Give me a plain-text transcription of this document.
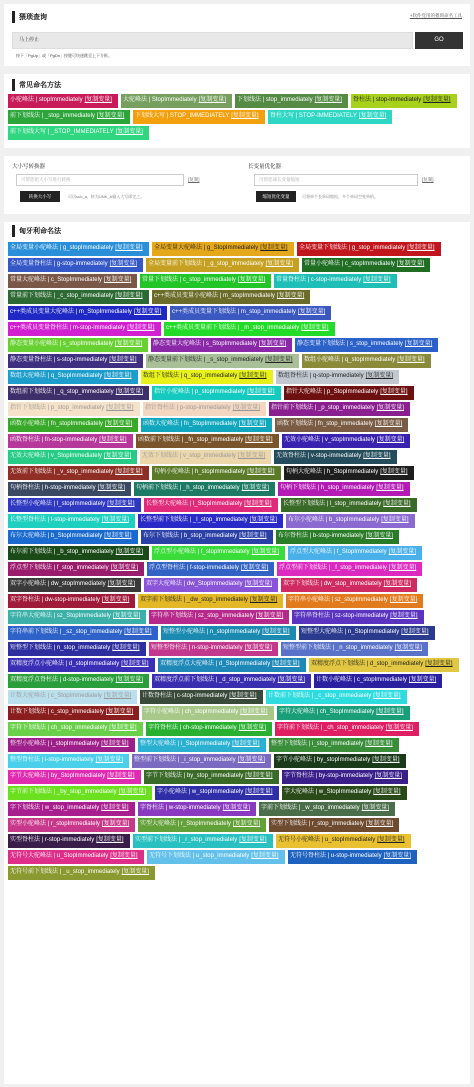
猥琐查询	+软件党用的猥琐命名工具
马上停止	GO
按下「PgUp」或「PgDn」按键可快速跳至上下方框。
常见命名方法
小驼峰法 | stopImmediately [复制变量]	大驼峰法 | StopImmediately [复制变量]	下划线法 | stop_immediately [复制变量]	脊柱法 | stop-immediately [复制变量]
前下划线法 | _stop_immediately [复制变量]	下划线大写 | STOP_IMMEDIATELY [复制变量]	脊柱大写 | STOP-IMMEDIATELY [复制变量]
前下划线大写 | _STOP_IMMEDIATELY [复制变量]
大小写转换器
可帮您把大小写进行转换	[复制]
转换大小写	可切sub_a，转为UNK_A输入大写即定之。
长变量优化器
可帮您减长变量缩短	[复制]
缩短优化变量	可将单个长单词缩短，多个单词空变单机。
匈牙利命名法
全局变量小驼峰法 | g_stopImmediately [复制变量]	全局变量大驼峰法 | g_StopImmediately [复制变量]	全局变量下划线法 | g_stop_immediately [复制变量]
全局变量脊柱法 | g-stop-immediately [复制变量]	全局变量前下划线法 | _g_stop_immediately [复制变量]	常量小驼峰法 | c_stopImmediately [复制变量]
常量大驼峰法 | c_StopImmediately [复制变量]	常量下划线法 | c_stop_immediately [复制变量]	常量脊柱法 | c-stop-immediately [复制变量]
常量前下划线法 | _c_stop_immediately [复制变量]	c++类成员变量小驼峰法 | m_stopImmediately [复制变量]
c++类成员变量大驼峰法 | m_StopImmediately [复制变量]	c++类成员变量下划线法 | m_stop_immediately [复制变量]
c++类成员变量脊柱法 | m-stop-immediately [复制变量]	c++类成员变量前下划线法 | _m_stop_immediately [复制变量]
静态变量小驼峰法 | s_stopImmediately [复制变量]	静态变量大驼峰法 | s_StopImmediately [复制变量]	静态变量下划线法 | s_stop_immediately [复制变量]
静态变量脊柱法 | s-stop-immediately [复制变量]	静态变量前下划线法 | _s_stop_immediately [复制变量]	数组小驼峰法 | q_stopImmediately [复制变量]
数组大驼峰法 | q_StopImmediately [复制变量]	数组下划线法 | q_stop_immediately [复制变量]	数组脊柱法 | q-stop-immediately [复制变量]
数组前下划线法 | _q_stop_immediately [复制变量]	指针小驼峰法 | p_stopImmediately [复制变量]	指针大驼峰法 | p_StopImmediately [复制变量]
指针下划线法 | p_stop_immediately [复制变量]	指针脊柱法 | p-stop-immediately [复制变量]	指针前下划线法 | _p_stop_immediately [复制变量]
函数小驼峰法 | fn_stopImmediately [复制变量]	函数大驼峰法 | fn_StopImmediately [复制变量]	函数下划线法 | fn_stop_immediately [复制变量]
函数脊柱法 | fn-stop-immediately [复制变量]	函数前下划线法 | _fn_stop_immediately [复制变量]	无效小驼峰法 | v_stopImmediately [复制变量]
无效大驼峰法 | v_StopImmediately [复制变量]	无效下划线法 | v_stop_immediately [复制变量]	无效脊柱法 | v-stop-immediately [复制变量]
无效前下划线法 | _v_stop_immediately [复制变量]	句柄小驼峰法 | h_stopImmediately [复制变量]	句柄大驼峰法 | h_StopImmediately [复制变量]
句柄脊柱法 | h-stop-immediately [复制变量]	句柄前下划线法 | _h_stop_immediately [复制变量]	句柄下划线法 | h_stop_immediately [复制变量]
长整型小驼峰法 | l_stopImmediately [复制变量]	长整型大驼峰法 | l_StopImmediately [复制变量]	长整型下划线法 | l_stop_immediately [复制变量]
长整型脊柱法 | l-stop-immediately [复制变量]	长整型前下划线法 | _l_stop_immediately [复制变量]	布尔小驼峰法 | b_stopImmediately [复制变量]
布尔大驼峰法 | b_StopImmediately [复制变量]	布尔下划线法 | b_stop_immediately [复制变量]	布尔脊柱法 | b-stop-immediately [复制变量]
布尔前下划线法 | _b_stop_immediately [复制变量]	浮点型小驼峰法 | f_stopImmediately [复制变量]	浮点型大驼峰法 | f_StopImmediately [复制变量]
浮点型下划线法 | f_stop_immediately [复制变量]	浮点型脊柱法 | f-stop-immediately [复制变量]	浮点型前下划线法 | _f_stop_immediately [复制变量]
双字小驼峰法 | dw_stopImmediately [复制变量]	双字大驼峰法 | dw_StopImmediately [复制变量]	双字下划线法 | dw_stop_immediately [复制变量]
双字脊柱法 | dw-stop-immediately [复制变量]	双字前下划线法 | _dw_stop_immediately [复制变量]	字符串小驼峰法 | sz_stopImmediately [复制变量]
字符串大驼峰法 | sz_StopImmediately [复制变量]	字符串下划线法 | sz_stop_immediately [复制变量]	字符串脊柱法 | sz-stop-immediately [复制变量]
字符串前下划线法 | _sz_stop_immediately [复制变量]	短整型小驼峰法 | n_stopImmediately [复制变量]	短整型大驼峰法 | n_StopImmediately [复制变量]
短整型下划线法 | n_stop_immediately [复制变量]	短整型脊柱法 | n-stop-immediately [复制变量]	短整型前下划线法 | _n_stop_immediately [复制变量]
双精度浮点小驼峰法 | d_stopImmediately [复制变量]	双精度浮点大驼峰法 | d_StopImmediately [复制变量]	双精度浮点下划线法 | d_stop_immediately [复制变量]
双精度浮点脊柱法 | d-stop-immediately [复制变量]	双精度浮点前下划线法 | _d_stop_immediately [复制变量]	计数小驼峰法 | c_stopImmediately [复制变量]
计数大驼峰法 | c_StopImmediately [复制变量]	计数脊柱法 | c-stop-immediately [复制变量]	计数前下划线法 | _c_stop_immediately [复制变量]
计数下划线法 | c_stop_immediately [复制变量]	字符小驼峰法 | ch_stopImmediately [复制变量]	字符大驼峰法 | ch_StopImmediately [复制变量]
字符下划线法 | ch_stop_immediately [复制变量]	字符脊柱法 | ch-stop-immediately [复制变量]	字符前下划线法 | _ch_stop_immediately [复制变量]
整型小驼峰法 | i_stopImmediately [复制变量]	整型大驼峰法 | i_StopImmediately [复制变量]	整型下划线法 | i_stop_immediately [复制变量]
整型脊柱法 | i-stop-immediately [复制变量]	整型前下划线法 | _i_stop_immediately [复制变量]	字节小驼峰法 | by_stopImmediately [复制变量]
字节大驼峰法 | by_StopImmediately [复制变量]	字节下划线法 | by_stop_immediately [复制变量]	字节脊柱法 | by-stop-immediately [复制变量]
字节前下划线法 | _by_stop_immediately [复制变量]	字小驼峰法 | w_stopImmediately [复制变量]	字大驼峰法 | w_StopImmediately [复制变量]
字下划线法 | w_stop_immediately [复制变量]	字脊柱法 | w-stop-immediately [复制变量]	字前下划线法 | _w_stop_immediately [复制变量]
实型小驼峰法 | r_stopImmediately [复制变量]	实型大驼峰法 | r_StopImmediately [复制变量]	实型下划线法 | r_stop_immediately [复制变量]
实型脊柱法 | r-stop-immediately [复制变量]	实型前下划线法 | _r_stop_immediately [复制变量]	无符号小驼峰法 | u_stopImmediately [复制变量]
无符号大驼峰法 | u_StopImmediately [复制变量]	无符号下划线法 | u_stop_immediately [复制变量]	无符号脊柱法 | u-stop-immediately [复制变量]
无符号前下划线法 | _u_stop_immediately [复制变量]
